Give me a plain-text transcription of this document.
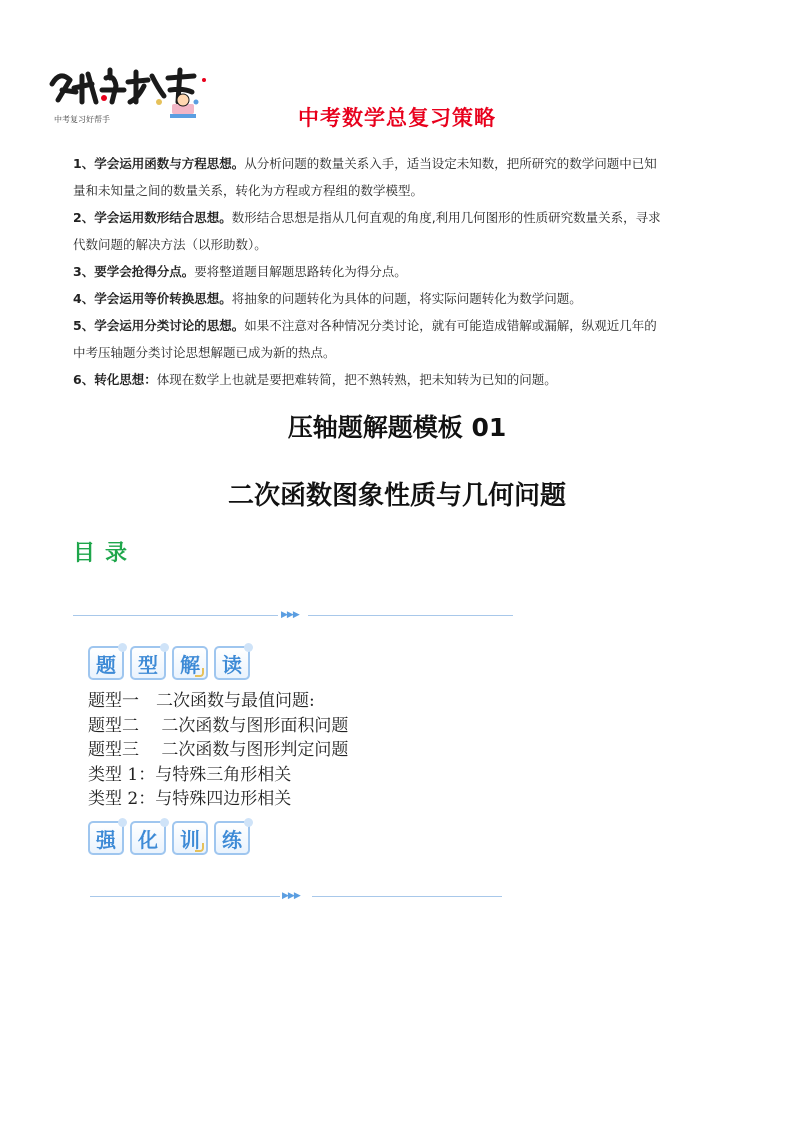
中考复习好帮手	中考数学总复习策略
1、学会运用函数与方程思想。从分析问题的数量关系入手，适当设定未知数，把所研究的数学问题中已知
量和未知量之间的数量关系，转化为方程或方程组的数学模型。
2、学会运用数形结合思想。数形结合思想是指从几何直观的角度,利用几何图形的性质研究数量关系，寻求
代数问题的解决方法（以形助数）。
3、要学会抢得分点。要将整道题目解题思路转化为得分点。
4、学会运用等价转换思想。将抽象的问题转化为具体的问题，将实际问题转化为数学问题。
5、学会运用分类讨论的思想。如果不注意对各种情况分类讨论，就有可能造成错解或漏解，纵观近几年的
中考压轴题分类讨论思想解题已成为新的热点。
6、转化思想：体现在数学上也就是要把难转简，把不熟转熟，把未知转为已知的问题。
压轴题解题模板 01
二次函数图象性质与几何问题
目录
▶▶▶
题 型 解 读
题型一　二次函数与最值问题:
题型二　 二次函数与图形面积问题
题型三　 二次函数与图形判定问题
类型 1：与特殊三角形相关
类型 2：与特殊四边形相关
强 化 训 练
▶▶▶
